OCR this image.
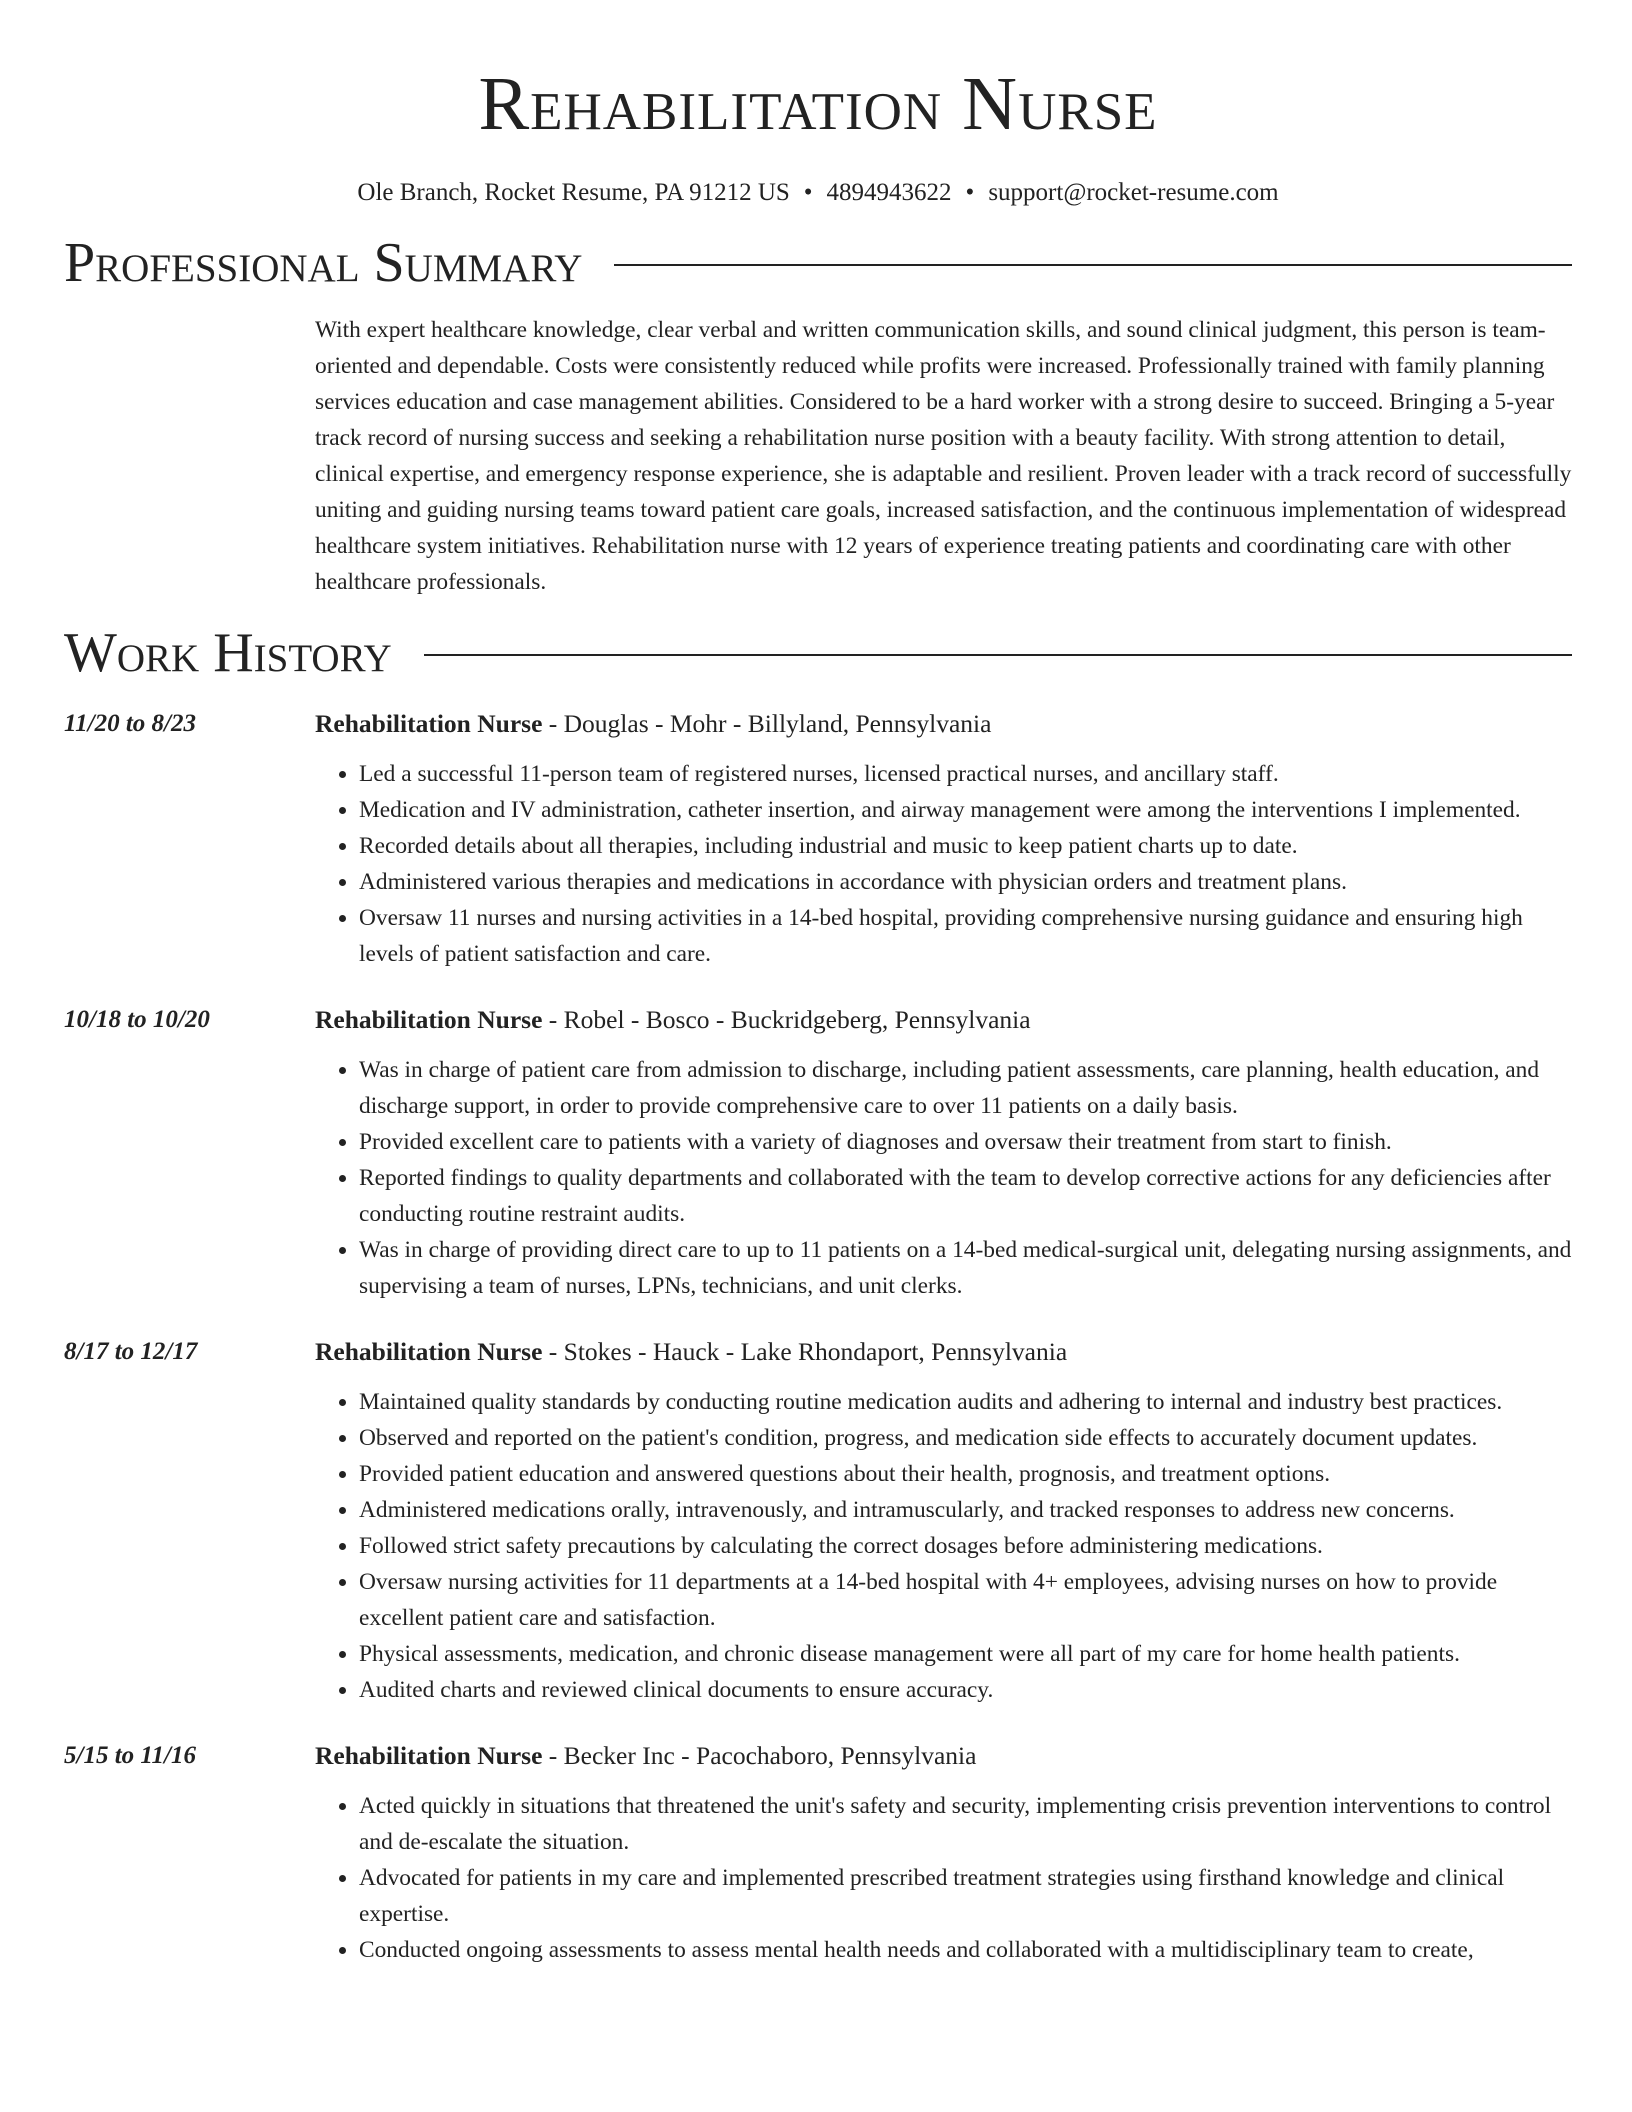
Rehabilitation Nurse
Ole Branch, Rocket Resume, PA 91212 US • 4894943622 • support@rocket-resume.com
Professional Summary
With expert healthcare knowledge, clear verbal and written communication skills, and sound clinical judgment, this person is team-oriented and dependable. Costs were consistently reduced while profits were increased. Professionally trained with family planning services education and case management abilities. Considered to be a hard worker with a strong desire to succeed. Bringing a 5-year track record of nursing success and seeking a rehabilitation nurse position with a beauty facility. With strong attention to detail, clinical expertise, and emergency response experience, she is adaptable and resilient. Proven leader with a track record of successfully uniting and guiding nursing teams toward patient care goals, increased satisfaction, and the continuous implementation of widespread healthcare system initiatives. Rehabilitation nurse with 12 years of experience treating patients and coordinating care with other healthcare professionals.
Work History
11/20 to 8/23	Rehabilitation Nurse - Douglas - Mohr - Billyland, Pennsylvania
• Led a successful 11-person team of registered nurses, licensed practical nurses, and ancillary staff.
• Medication and IV administration, catheter insertion, and airway management were among the interventions I implemented.
• Recorded details about all therapies, including industrial and music to keep patient charts up to date.
• Administered various therapies and medications in accordance with physician orders and treatment plans.
• Oversaw 11 nurses and nursing activities in a 14-bed hospital, providing comprehensive nursing guidance and ensuring high levels of patient satisfaction and care.
10/18 to 10/20	Rehabilitation Nurse - Robel - Bosco - Buckridgeberg, Pennsylvania
• Was in charge of patient care from admission to discharge, including patient assessments, care planning, health education, and discharge support, in order to provide comprehensive care to over 11 patients on a daily basis.
• Provided excellent care to patients with a variety of diagnoses and oversaw their treatment from start to finish.
• Reported findings to quality departments and collaborated with the team to develop corrective actions for any deficiencies after conducting routine restraint audits.
• Was in charge of providing direct care to up to 11 patients on a 14-bed medical-surgical unit, delegating nursing assignments, and supervising a team of nurses, LPNs, technicians, and unit clerks.
8/17 to 12/17	Rehabilitation Nurse - Stokes - Hauck - Lake Rhondaport, Pennsylvania
• Maintained quality standards by conducting routine medication audits and adhering to internal and industry best practices.
• Observed and reported on the patient's condition, progress, and medication side effects to accurately document updates.
• Provided patient education and answered questions about their health, prognosis, and treatment options.
• Administered medications orally, intravenously, and intramuscularly, and tracked responses to address new concerns.
• Followed strict safety precautions by calculating the correct dosages before administering medications.
• Oversaw nursing activities for 11 departments at a 14-bed hospital with 4+ employees, advising nurses on how to provide excellent patient care and satisfaction.
• Physical assessments, medication, and chronic disease management were all part of my care for home health patients.
• Audited charts and reviewed clinical documents to ensure accuracy.
5/15 to 11/16	Rehabilitation Nurse - Becker Inc - Pacochaboro, Pennsylvania
• Acted quickly in situations that threatened the unit's safety and security, implementing crisis prevention interventions to control and de-escalate the situation.
• Advocated for patients in my care and implemented prescribed treatment strategies using firsthand knowledge and clinical expertise.
• Conducted ongoing assessments to assess mental health needs and collaborated with a multidisciplinary team to create,
